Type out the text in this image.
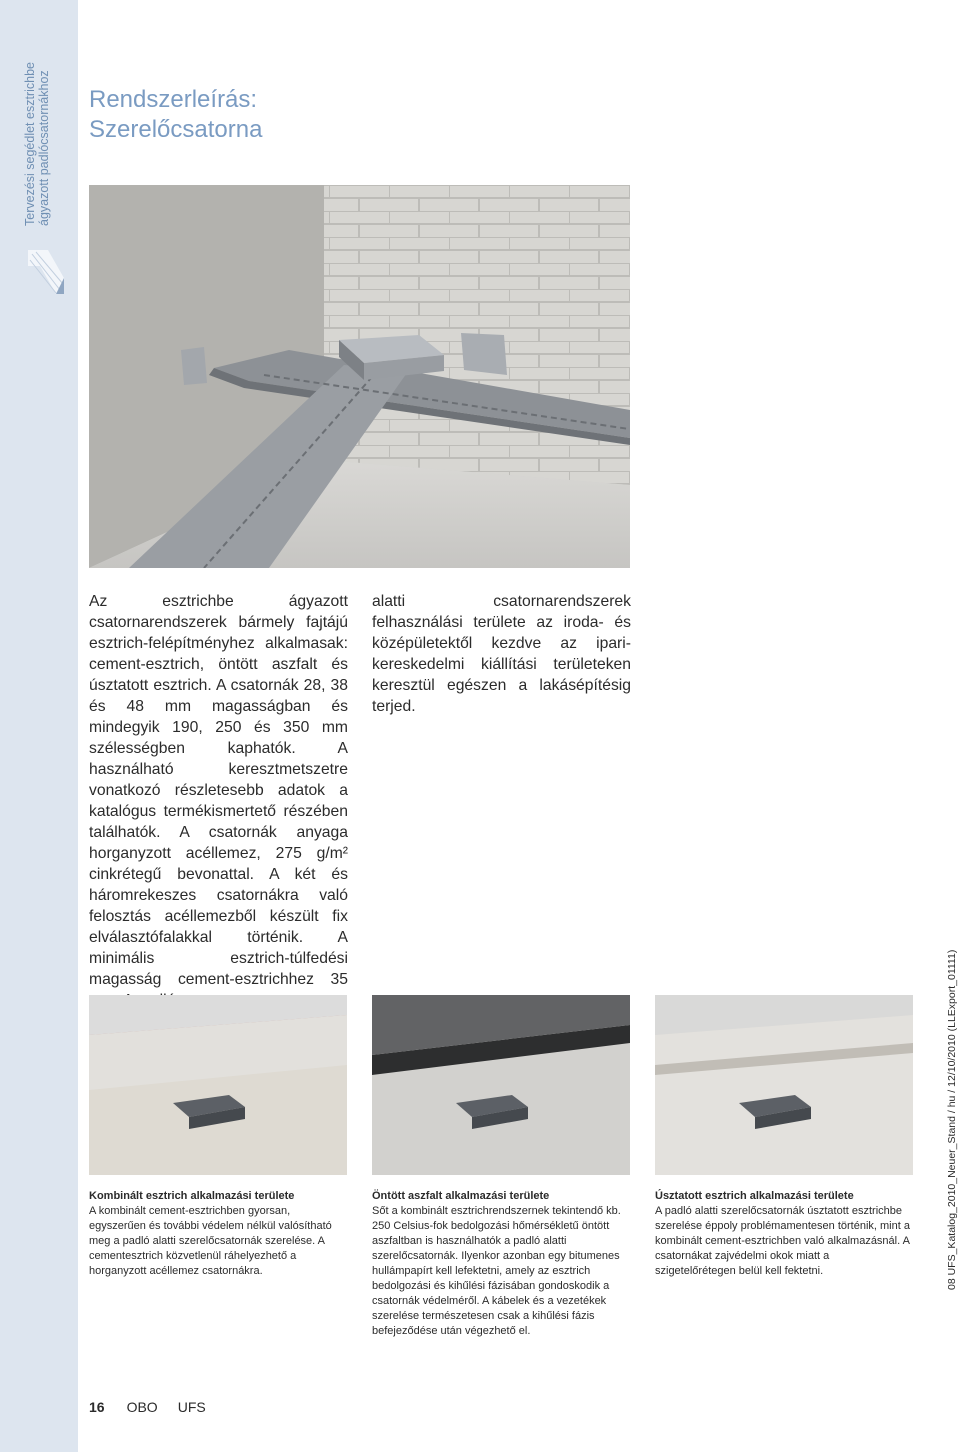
Tervezési segédlet esztrichbe ágyazott padlócsatornákhoz Rendszerleírás:
Szerelőcsatorna

Az esztrichbe ágyazott csatornarendszerek bármely fajtájú esztrich-felépítményhez alkalmasak: cement-esztrich, öntött aszfalt és úsztatott esztrich. A csatornák 28, 38 és 48 mm magasságban és mindegyik 190, 250 és 350 mm szélességben kaphatók. A használható keresztmetszetre vonatkozó részletesebb adatok a katalógus termékismertető részében találhatók. A csatornák anyaga horganyzott acéllemez, 275 g/m² cinkrétegű bevonattal. A két és háromrekeszes csatornákra való felosztás acéllemezből készült fix elválasztófalakkal történik. A minimális esztrich-túlfedési magasság cement-esztrichhez 35

alatti csatornarendszerek felhasználási területe az iroda- és középületektől kezdve az ipari-kereskedelmi kiállítási területeken keresztül egészen a lakásépítésig terjed.

Kombinált esztrich alkalmazási területe
A kombinált cement-esztrichben gyorsan, egyszerűen és további védelem nélkül valósítható meg a padló alatti szerelőcsatornák szerelése. A cementesztrich közvetlenül ráhelyezhető a horganyzott acéllemez csatornákra.
Öntött aszfalt alkalmazási területe
Sőt a kombinált esztrichrendszernek tekintendő kb. 250 Celsius-fok bedolgozási hőmérsékletű öntött aszfaltban is használhatók a padló alatti szerelőcsatornák. Ilyenkor azonban egy bitumenes hullámpapírt kell lefektetni, amely az esztrich bedolgozási és kihűlési fázisában gondoskodik a csatornák védelméről. A kábelek és a vezetékek szerelése természetesen csak a kihűlési fázis befejeződése után végezhető el.
Úsztatott esztrich alkalmazási területe
A padló alatti szerelőcsatornák úsztatott esztrichbe szerelése éppoly problémamentesen történik, mint a kombinált cement-esztrichben való alkalmazásnál. A csatornákat zajvédelmi okok miatt a szigetelőrétegen belül kell fektetni.	08 UFS_Katalog_2010_Neuer_Stand / hu / 12/10/2010 (LLExport_01111)
16 OBO UFS
